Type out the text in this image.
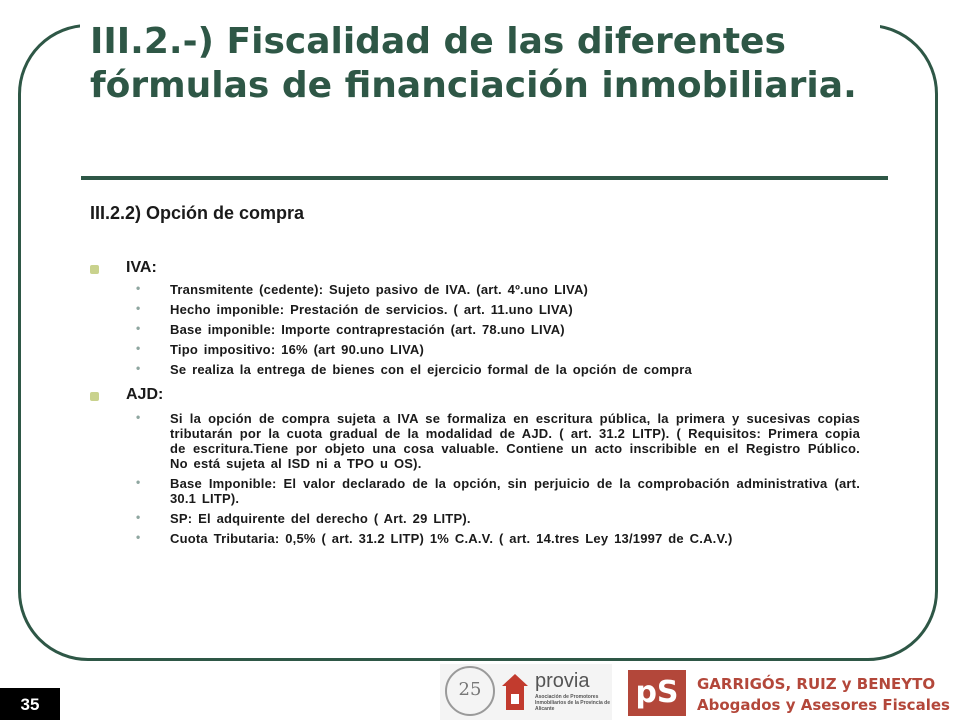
III.2.-) Fiscalidad de las diferentes fórmulas de financiación inmobiliaria.
III.2.2) Opción de compra
IVA:
• Transmitente (cedente): Sujeto pasivo de IVA. (art. 4º.uno LIVA)
• Hecho imponible: Prestación de servicios. ( art. 11.uno LIVA)
• Base imponible: Importe contraprestación (art. 78.uno LIVA)
• Tipo impositivo: 16% (art 90.uno LIVA)
• Se realiza la entrega de bienes con el ejercicio formal de la opción de compra
AJD:
• Si la opción de compra sujeta a IVA se formaliza en escritura pública, la primera y sucesivas copias tributarán por la cuota gradual de la modalidad de AJD. ( art. 31.2 LITP). ( Requisitos: Primera copia de escritura.Tiene por objeto una cosa valuable. Contiene un acto inscribible en el Registro Público. No está sujeta al ISD ni a TPO u OS).
• Base Imponible: El valor declarado de la opción, sin perjuicio de la comprobación administrativa (art. 30.1 LITP).
• SP: El adquirente del derecho ( Art. 29 LITP).
• Cuota Tributaria: 0,5% ( art. 31.2 LITP) 1% C.A.V. ( art. 14.tres Ley 13/1997 de C.A.V.)
35
25	provia
Asociación de Promotores Inmobiliarios de la Provincia de Alicante	pS	GARRIGÓS, RUIZ y BENEYTO
Abogados y Asesores Fiscales
